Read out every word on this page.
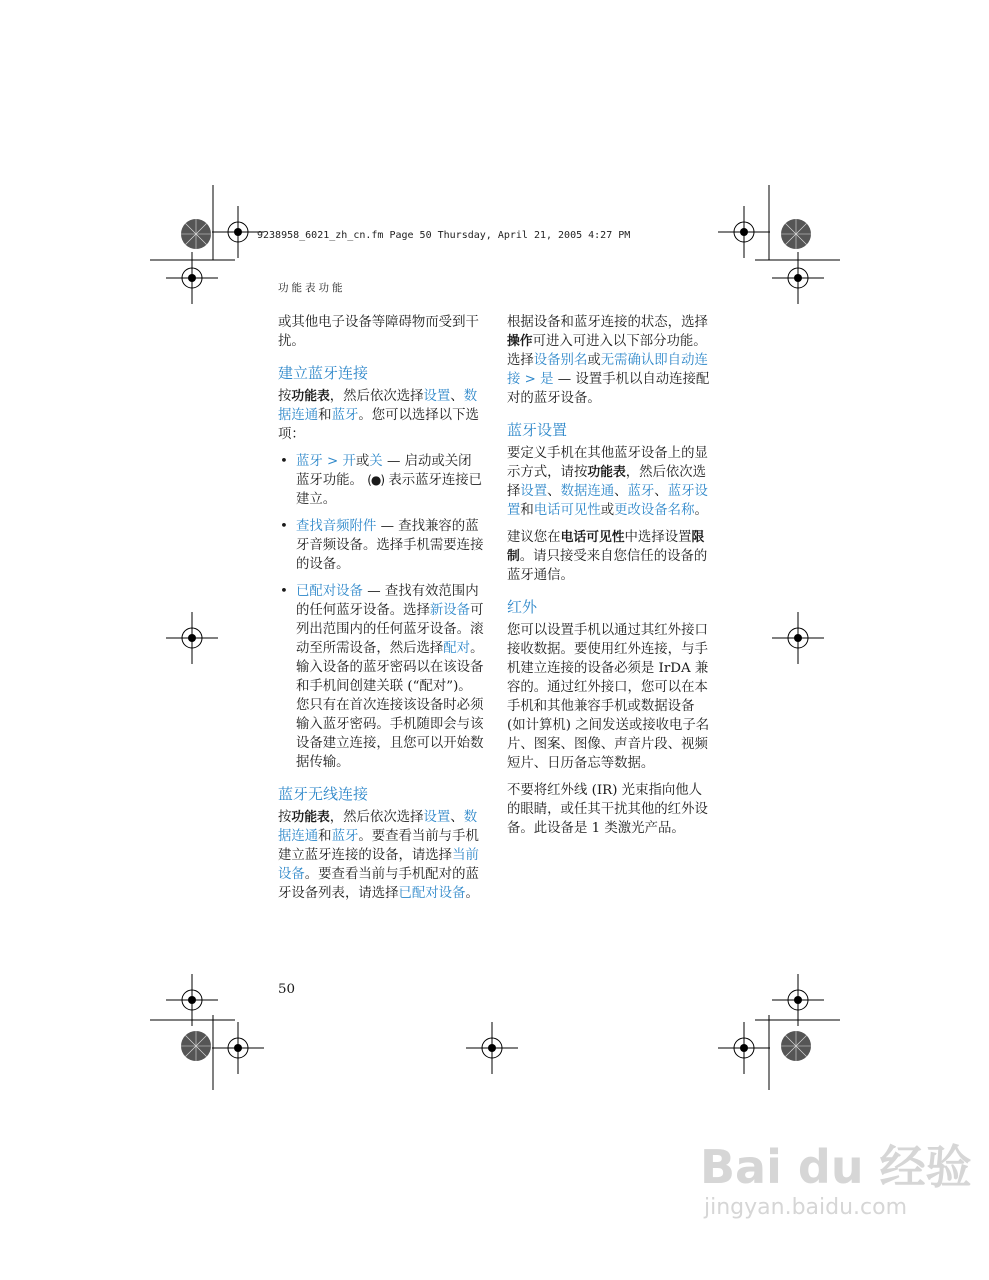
9238958_6021_zh_cn.fm Page 50 Thursday, April 21, 2005 4:27 PM
功能表功能

或其他电子设备等障碍物而受到干扰。

建立蓝牙连接

按功能表，然后依次选择设置、数据连通和蓝牙。您可以选择以下选项：

• 蓝牙 > 开或关 — 启动或关闭蓝牙功能。 (●) 表示蓝牙连接已建立。
• 查找音频附件 — 查找兼容的蓝牙音频设备。选择手机需要连接的设备。
• 已配对设备 — 查找有效范围内的任何蓝牙设备。选择新设备可列出范围内的任何蓝牙设备。滚动至所需设备，然后选择配对。输入设备的蓝牙密码以在该设备和手机间创建关联 (“配对”)。您只有在首次连接该设备时必须输入蓝牙密码。手机随即会与该设备建立连接，且您可以开始数据传输。
蓝牙无线连接

按功能表，然后依次选择设置、数据连通和蓝牙。要查看当前与手机建立蓝牙连接的设备，请选择当前设备。要查看当前与手机配对的蓝牙设备列表，请选择已配对设备。

根据设备和蓝牙连接的状态，选择操作可进入可进入以下部分功能。选择设备别名或无需确认即自动连接 > 是 — 设置手机以自动连接配对的蓝牙设备。

蓝牙设置

要定义手机在其他蓝牙设备上的显示方式，请按功能表，然后依次选择设置、数据连通、蓝牙、蓝牙设置和电话可见性或更改设备名称。

建议您在电话可见性中选择设置限制。请只接受来自您信任的设备的蓝牙通信。

红外

您可以设置手机以通过其红外接口接收数据。要使用红外连接，与手机建立连接的设备必须是 IrDA 兼容的。通过红外接口，您可以在本手机和其他兼容手机或数据设备 (如计算机) 之间发送或接收电子名片、图案、图像、声音片段、视频短片、日历备忘等数据。

不要将红外线 (IR) 光束指向他人的眼睛，或任其干扰其他的红外设备。此设备是 1 类激光产品。

50
Bai du 经验
jingyan.baidu.com
